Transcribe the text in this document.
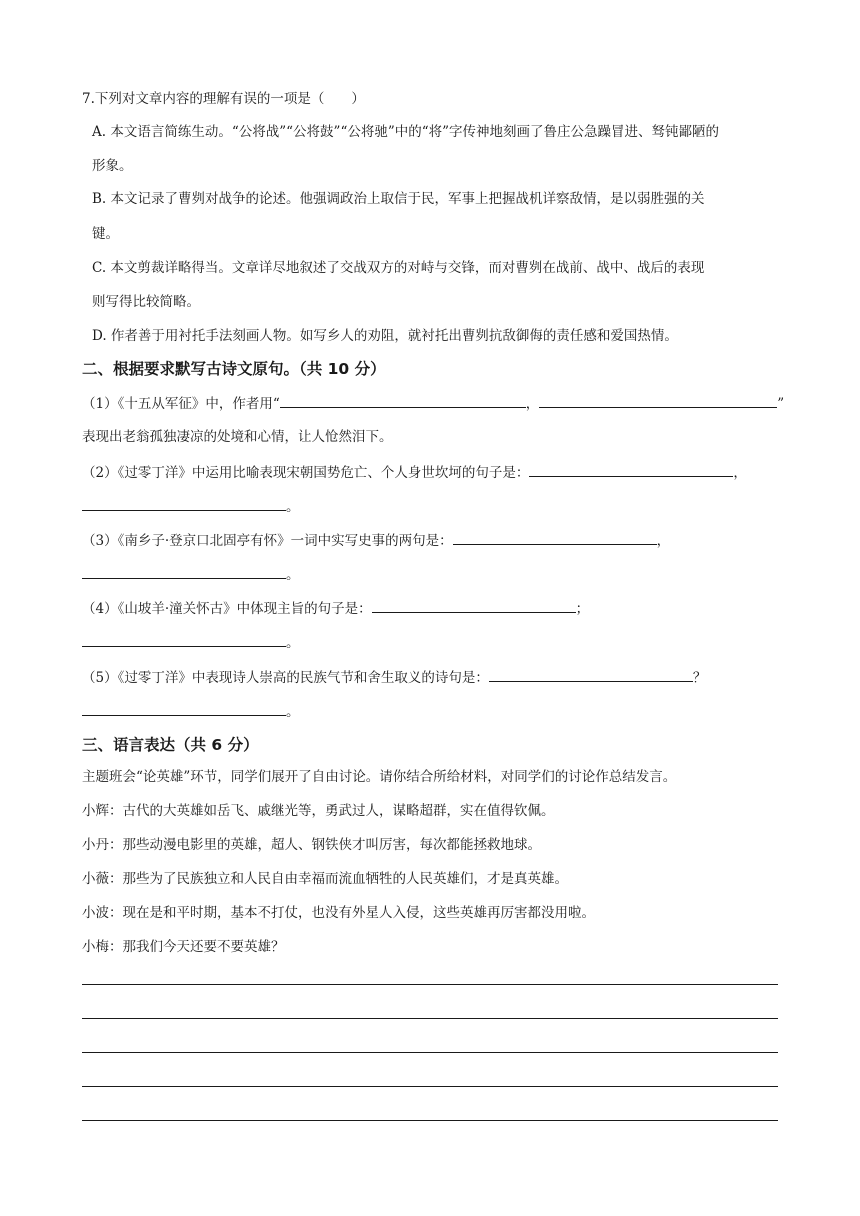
7.下列对文章内容的理解有误的一项是（　　）
A. 本文语言简练生动。“公将战”“公将鼓”“公将驰”中的“将”字传神地刻画了鲁庄公急躁冒进、驽钝鄙陋的
形象。
B. 本文记录了曹刿对战争的论述。他强调政治上取信于民，军事上把握战机详察敌情，是以弱胜强的关
键。
C. 本文剪裁详略得当。文章详尽地叙述了交战双方的对峙与交锋，而对曹刿在战前、战中、战后的表现
则写得比较简略。
D. 作者善于用衬托手法刻画人物。如写乡人的劝阻，就衬托出曹刿抗敌御侮的责任感和爱国热情。
二、根据要求默写古诗文原句。（共 10 分）
（1）《十五从军征》中，作者用“	，	”
表现出老翁孤独凄凉的处境和心情，让人怆然泪下。
（2）《过零丁洋》中运用比喻表现宋朝国势危亡、个人身世坎坷的句子是：	，
。
（3）《南乡子·登京口北固亭有怀》一词中实写史事的两句是：	，
。
（4）《山坡羊·潼关怀古》中体现主旨的句子是：	；
。
（5）《过零丁洋》中表现诗人崇高的民族气节和舍生取义的诗句是：	？
。
三、语言表达（共 6 分）
主题班会“论英雄”环节，同学们展开了自由讨论。请你结合所给材料，对同学们的讨论作总结发言。
小辉：古代的大英雄如岳飞、戚继光等，勇武过人，谋略超群，实在值得钦佩。
小丹：那些动漫电影里的英雄，超人、钢铁侠才叫厉害，每次都能拯救地球。
小薇：那些为了民族独立和人民自由幸福而流血牺牲的人民英雄们，才是真英雄。
小波：现在是和平时期，基本不打仗，也没有外星人入侵，这些英雄再厉害都没用啦。
小梅：那我们今天还要不要英雄？
